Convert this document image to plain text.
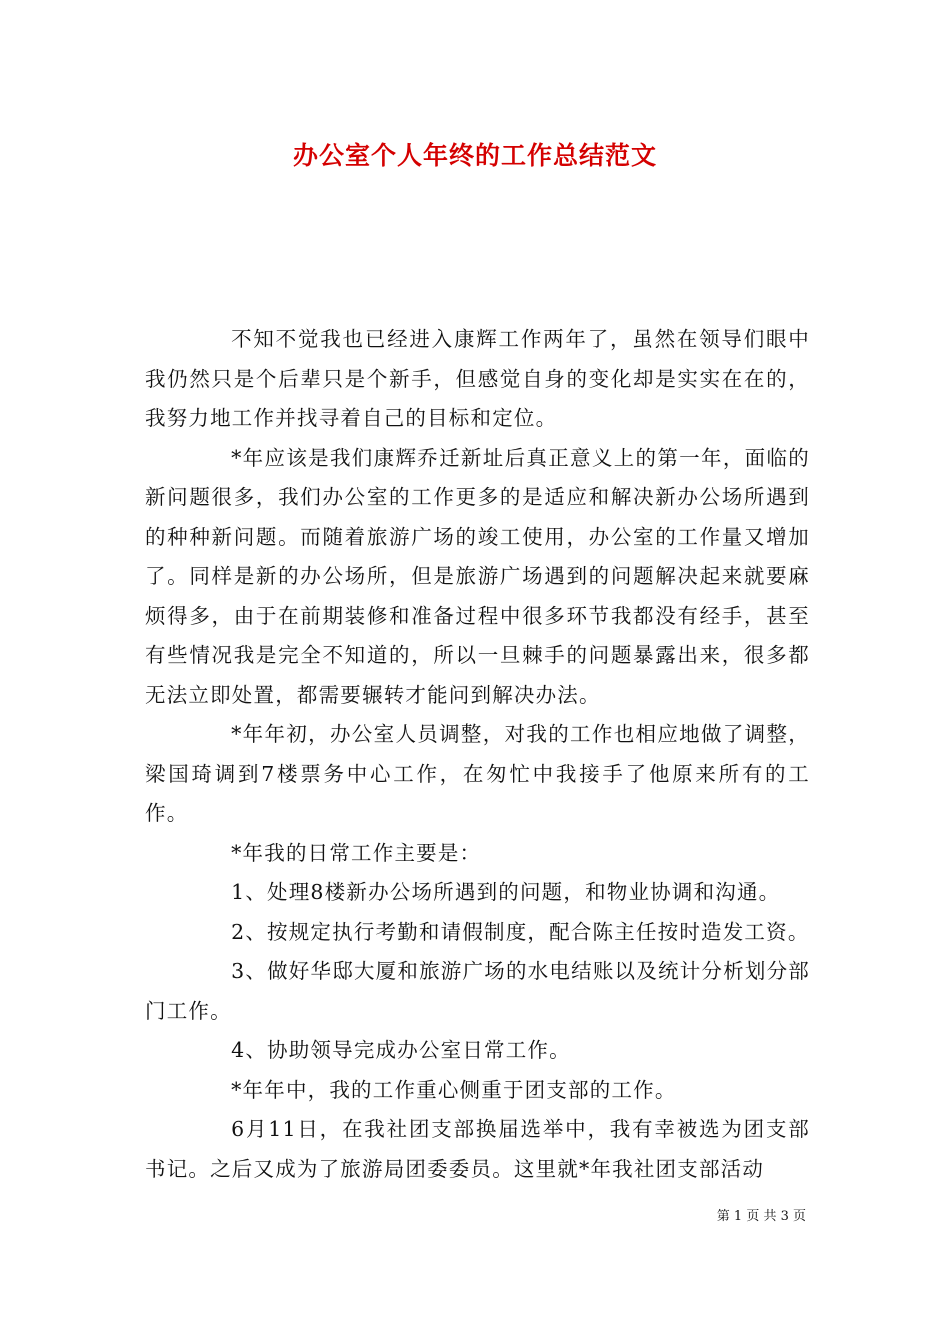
办公室个人年终的工作总结范文

不知不觉我也已经进入康辉工作两年了，虽然在领导们眼中我仍然只是个后辈只是个新手，但感觉自身的变化却是实实在在的，我努力地工作并找寻着自己的目标和定位。

*年应该是我们康辉乔迁新址后真正意义上的第一年，面临的新问题很多，我们办公室的工作更多的是适应和解决新办公场所遇到的种种新问题。而随着旅游广场的竣工使用，办公室的工作量又增加了。同样是新的办公场所，但是旅游广场遇到的问题解决起来就要麻烦得多，由于在前期装修和准备过程中很多环节我都没有经手，甚至有些情况我是完全不知道的，所以一旦棘手的问题暴露出来，很多都无法立即处置，都需要辗转才能问到解决办法。

*年年初，办公室人员调整，对我的工作也相应地做了调整，梁国琦调到7楼票务中心工作，在匆忙中我接手了他原来所有的工作。

*年我的日常工作主要是：

1、处理8楼新办公场所遇到的问题，和物业协调和沟通。

2、按规定执行考勤和请假制度，配合陈主任按时造发工资。

3、做好华邸大厦和旅游广场的水电结账以及统计分析划分部门工作。

4、协助领导完成办公室日常工作。

*年年中，我的工作重心侧重于团支部的工作。

6月11日，在我社团支部换届选举中，我有幸被选为团支部书记。之后又成为了旅游局团委委员。这里就*年我社团支部活动

第 1 页 共 3 页
